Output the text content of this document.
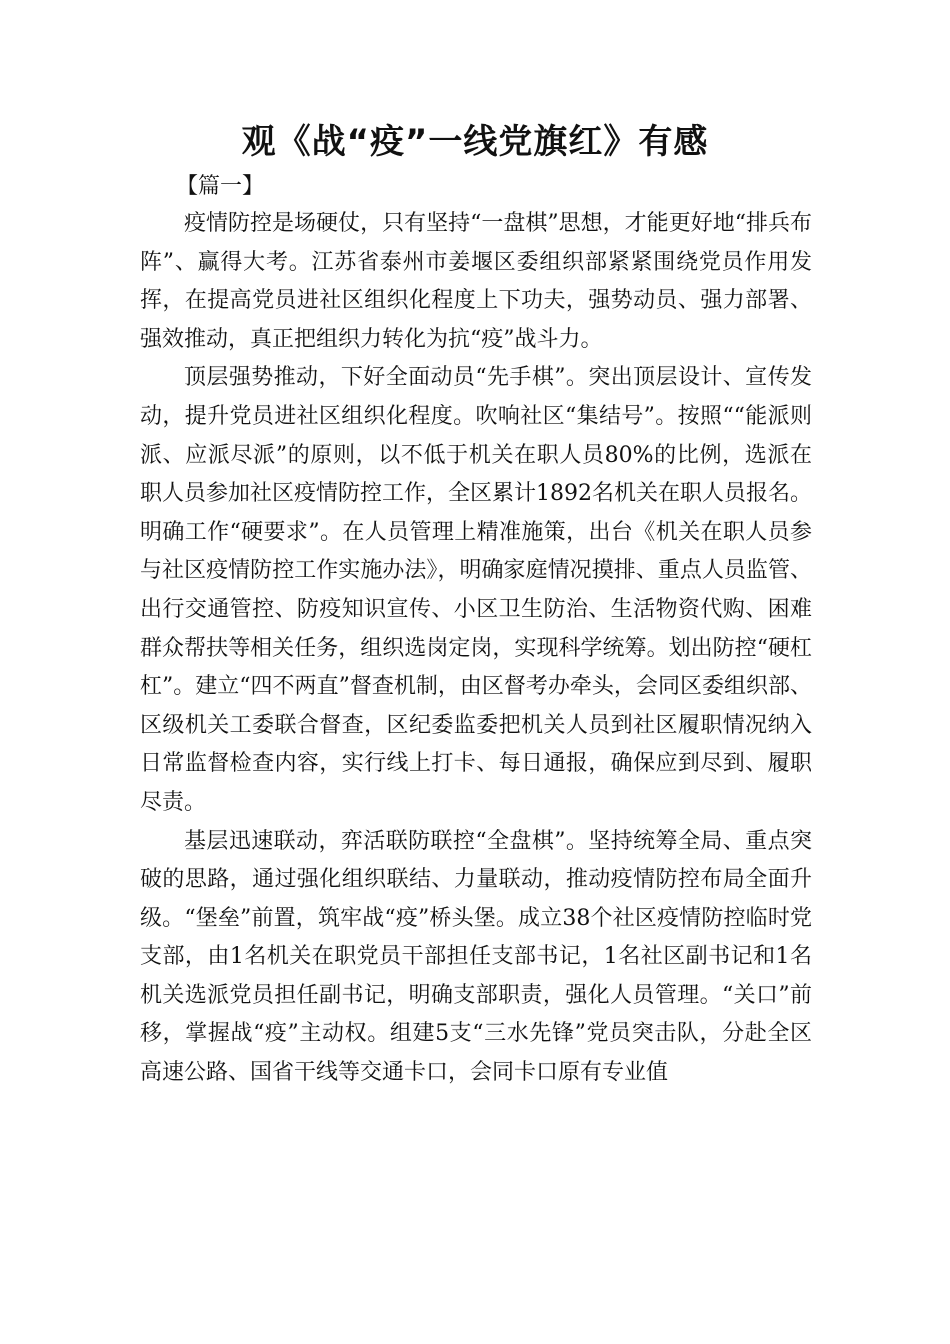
观《战“疫”一线党旗红》有感
【篇一】

疫情防控是场硬仗，只有坚持“一盘棋”思想，才能更好地“排兵布阵”、赢得大考。江苏省泰州市姜堰区委组织部紧紧围绕党员作用发挥，在提高党员进社区组织化程度上下功夫，强势动员、强力部署、强效推动，真正把组织力转化为抗“疫”战斗力。

顶层强势推动，下好全面动员“先手棋”。突出顶层设计、宣传发动，提升党员进社区组织化程度。吹响社区“集结号”。按照““能派则派、应派尽派”的原则，以不低于机关在职人员80%的比例，选派在职人员参加社区疫情防控工作，全区累计1892名机关在职人员报名。明确工作“硬要求”。在人员管理上精准施策，出台《机关在职人员参与社区疫情防控工作实施办法》，明确家庭情况摸排、重点人员监管、出行交通管控、防疫知识宣传、小区卫生防治、生活物资代购、困难群众帮扶等相关任务，组织选岗定岗，实现科学统筹。划出防控“硬杠杠”。建立“四不两直”督查机制，由区督考办牵头，会同区委组织部、区级机关工委联合督查，区纪委监委把机关人员到社区履职情况纳入日常监督检查内容，实行线上打卡、每日通报，确保应到尽到、履职尽责。

基层迅速联动，弈活联防联控“全盘棋”。坚持统筹全局、重点突破的思路，通过强化组织联结、力量联动，推动疫情防控布局全面升级。“堡垒”前置，筑牢战“疫”桥头堡。成立38个社区疫情防控临时党支部，由1名机关在职党员干部担任支部书记，1名社区副书记和1名机关选派党员担任副书记，明确支部职责，强化人员管理。“关口”前移，掌握战“疫”主动权。组建5支“三水先锋”党员突击队，分赴全区高速公路、国省干线等交通卡口，会同卡口原有专业值
